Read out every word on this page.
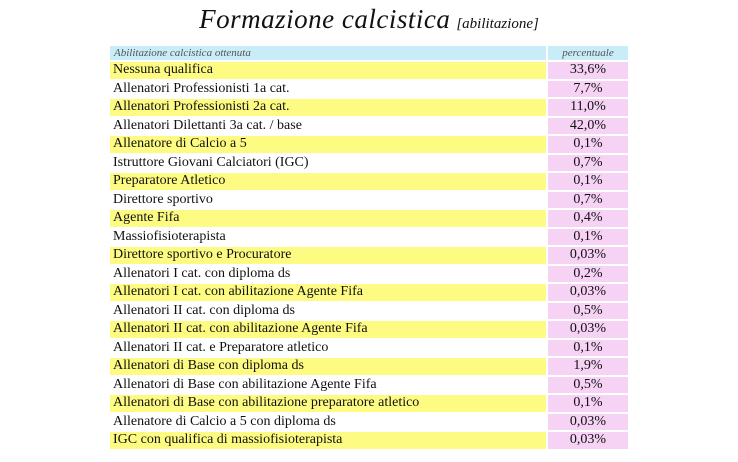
Formazione calcistica [abilitazione]
Abilitazione calcistica ottenuta		percentuale
Nessuna qualifica		33,6%
Allenatori Professionisti 1a cat.		7,7%
Allenatori Professionisti 2a cat.		11,0%
Allenatori Dilettanti 3a cat. / base		42,0%
Allenatore di Calcio a 5		0,1%
Istruttore Giovani Calciatori (IGC)		0,7%
Preparatore Atletico		0,1%
Direttore sportivo		0,7%
Agente Fifa		0,4%
Massiofisioterapista		0,1%
Direttore sportivo e Procuratore		0,03%
Allenatori I cat. con diploma ds		0,2%
Allenatori I cat. con abilitazione Agente Fifa		0,03%
Allenatori II cat. con diploma ds		0,5%
Allenatori II cat. con abilitazione Agente Fifa		0,03%
Allenatori II cat. e Preparatore atletico		0,1%
Allenatori di Base con diploma ds		1,9%
Allenatori di Base con abilitazione Agente Fifa		0,5%
Allenatori di Base con abilitazione preparatore atletico		0,1%
Allenatore di Calcio a 5 con diploma ds		0,03%
IGC con qualifica di massiofisioterapista		0,03%
